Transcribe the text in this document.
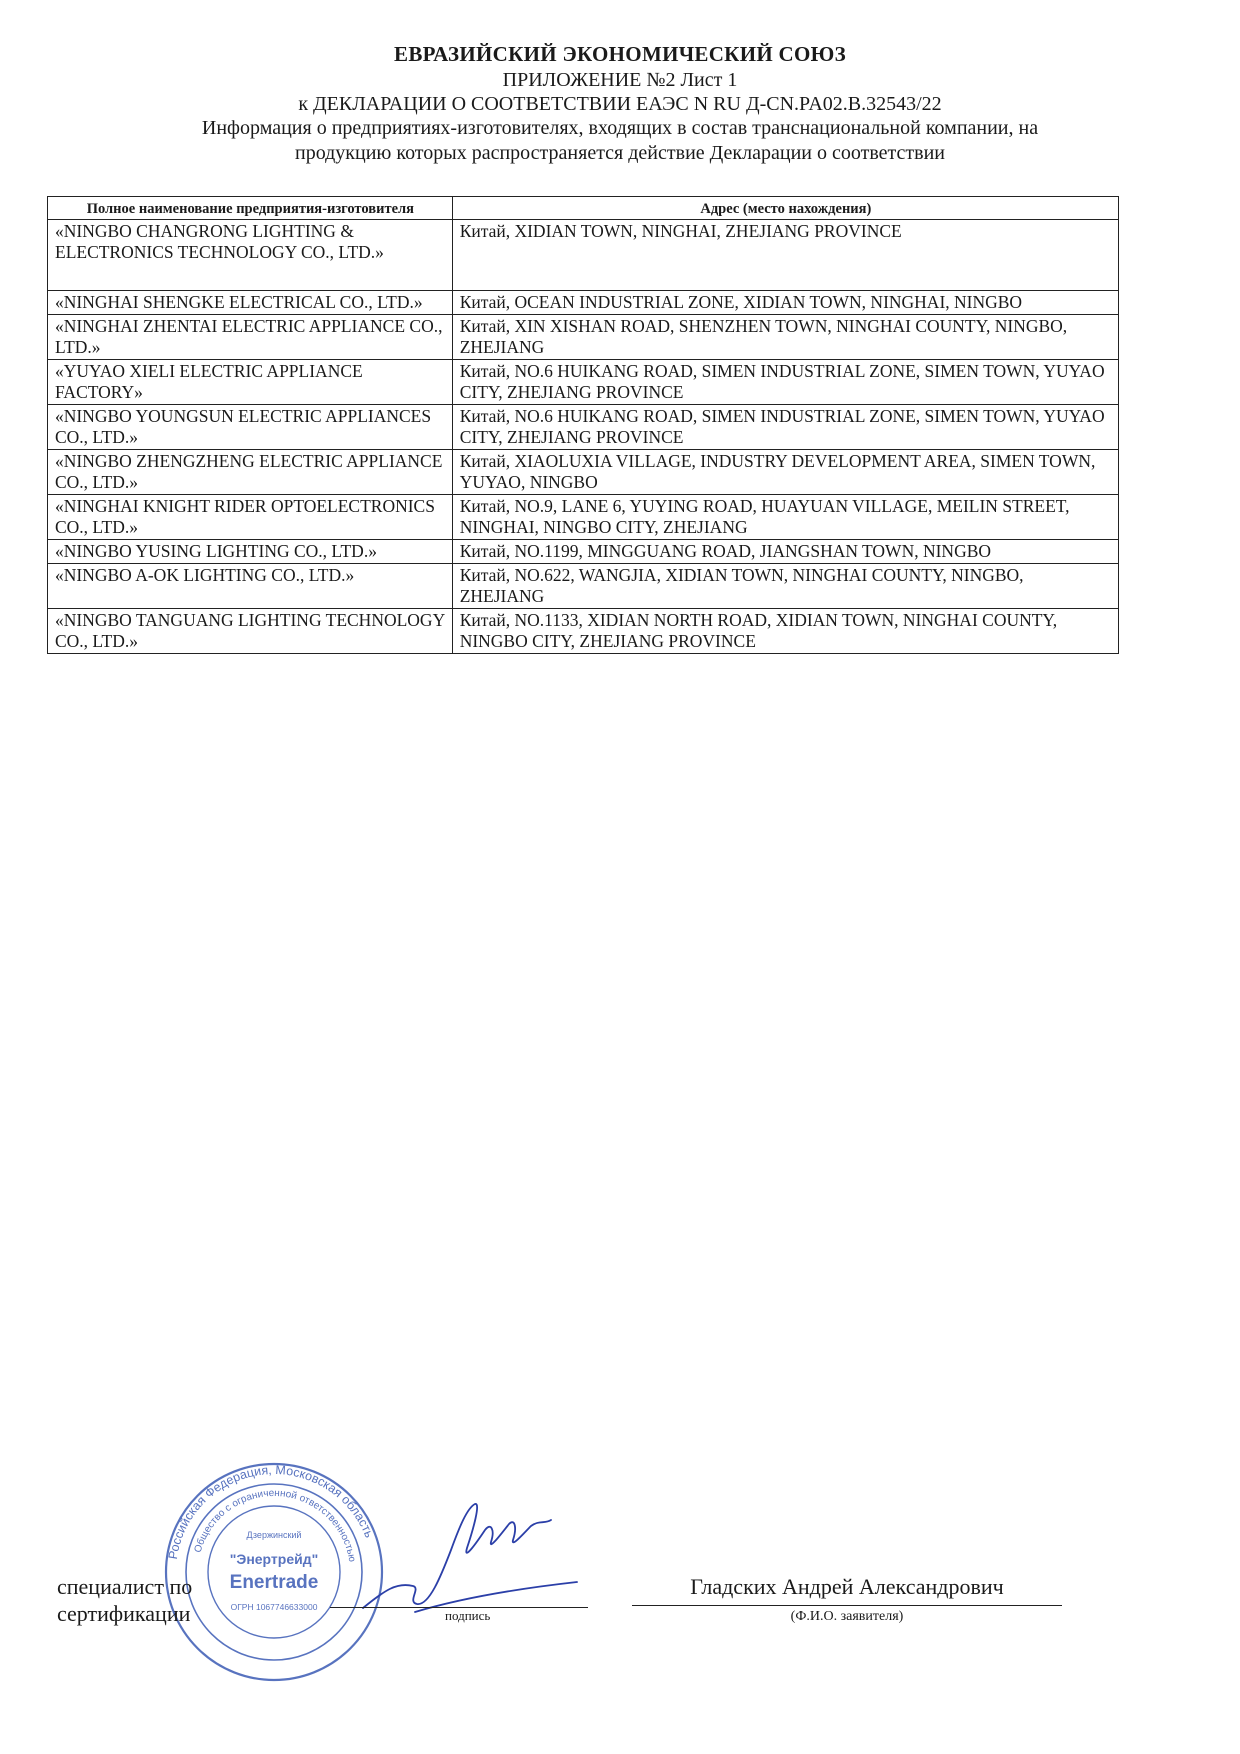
ЕВРАЗИЙСКИЙ ЭКОНОМИЧЕСКИЙ СОЮЗ
ПРИЛОЖЕНИЕ №2 Лист 1
к ДЕКЛАРАЦИИ О СООТВЕТСТВИИ ЕАЭС N RU Д-CN.PA02.B.32543/22
Информация о предприятиях-изготовителях, входящих в состав транснациональной компании, на
продукцию которых распространяется действие Декларации о соответствии
Полное наименование предприятия-изготовителя	Адрес (место нахождения)
«NINGBO CHANGRONG LIGHTING & ELECTRONICS TECHNOLOGY CO., LTD.»	Китай, XIDIAN TOWN, NINGHAI, ZHEJIANG PROVINCE
«NINGHAI SHENGKE ELECTRICAL CO., LTD.»	Китай, OCEAN INDUSTRIAL ZONE, XIDIAN TOWN, NINGHAI, NINGBO
«NINGHAI ZHENTAI ELECTRIC APPLIANCE CO., LTD.»	Китай, XIN XISHAN ROAD, SHENZHEN TOWN, NINGHAI COUNTY, NINGBO, ZHEJIANG
«YUYAO XIELI ELECTRIC APPLIANCE FACTORY»	Китай, NO.6 HUIKANG ROAD, SIMEN INDUSTRIAL ZONE, SIMEN TOWN, YUYAO CITY, ZHEJIANG PROVINCE
«NINGBO YOUNGSUN ELECTRIC APPLIANCES CO., LTD.»	Китай, NO.6 HUIKANG ROAD, SIMEN INDUSTRIAL ZONE, SIMEN TOWN, YUYAO CITY, ZHEJIANG PROVINCE
«NINGBO ZHENGZHENG ELECTRIC APPLIANCE CO., LTD.»	Китай, XIAOLUXIA VILLAGE, INDUSTRY DEVELOPMENT AREA, SIMEN TOWN, YUYAO, NINGBO
«NINGHAI KNIGHT RIDER OPTOELECTRONICS CO., LTD.»	Китай, NO.9, LANE 6, YUYING ROAD, HUAYUAN VILLAGE, MEILIN STREET, NINGHAI, NINGBO CITY, ZHEJIANG
«NINGBO YUSING LIGHTING CO., LTD.»	Китай, NO.1199, MINGGUANG ROAD, JIANGSHAN TOWN, NINGBO
«NINGBO A-OK LIGHTING CO., LTD.»	Китай, NO.622, WANGJIA, XIDIAN TOWN, NINGHAI COUNTY, NINGBO, ZHEJIANG
«NINGBO TANGUANG LIGHTING TECHNOLOGY CO., LTD.»	Китай, NO.1133, XIDIAN NORTH ROAD, XIDIAN TOWN, NINGHAI COUNTY, NINGBO CITY, ZHEJIANG PROVINCE
Российская Федерация, Московская область
Общество с ограниченной ответственностью
"Энертрейд"
Enertrade
ОГРН 1067746633000
Дзержинский
специалист по
сертификации	подпись
Гладских Андрей Александрович
(Ф.И.О. заявителя)
